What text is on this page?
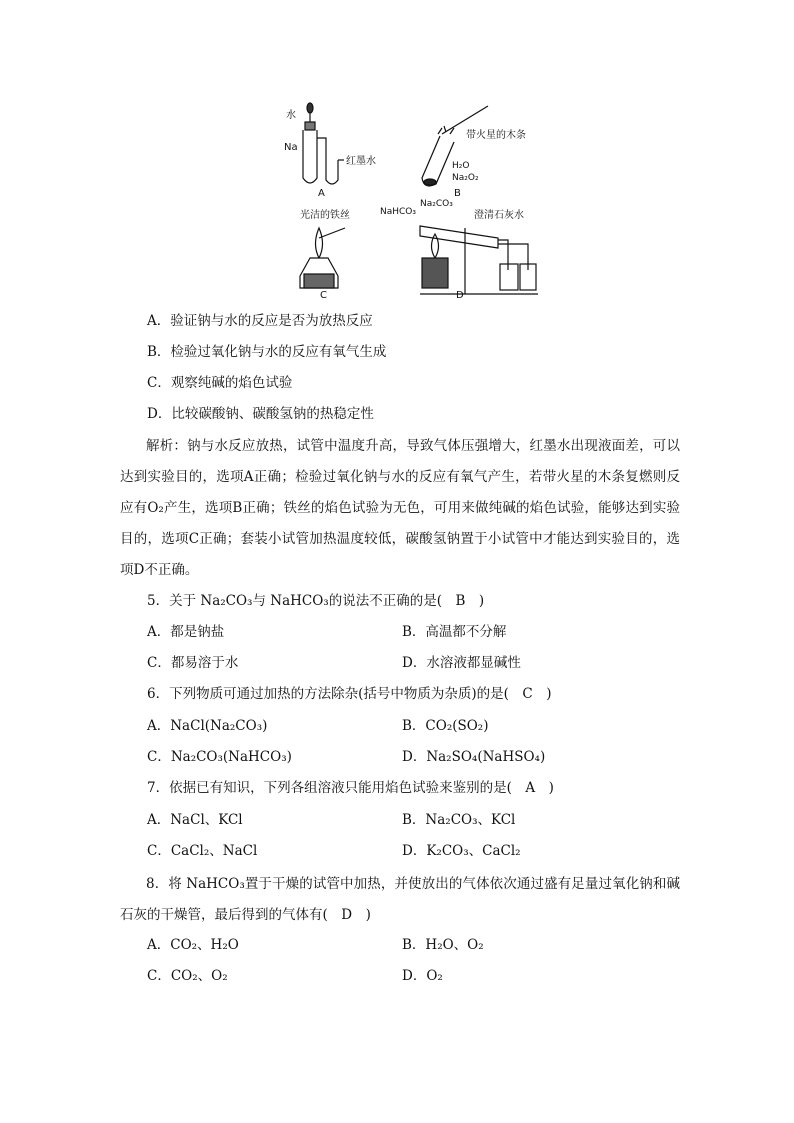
水
Na
红墨水
A
带火星的木条
H₂O
Na₂O₂
B
光洁的铁丝
C
NaHCO₃
Na₂CO₃
澄清石灰水
D
A．验证钠与水的反应是否为放热反应
B．检验过氧化钠与水的反应有氧气生成
C．观察纯碱的焰色试验
D．比较碳酸钠、碳酸氢钠的热稳定性
解析：钠与水反应放热，试管中温度升高，导致气体压强增大，红墨水出现液面差，可以达到实验目的，选项A正确；检验过氧化钠与水的反应有氧气产生，若带火星的木条复燃则反应有O₂产生，选项B正确；铁丝的焰色试验为无色，可用来做纯碱的焰色试验，能够达到实验目的，选项C正确；套装小试管加热温度较低，碳酸氢钠置于小试管中才能达到实验目的，选项D不正确。
5．关于 Na₂CO₃与 NaHCO₃的说法不正确的是(　B　)
A．都是钠盐	B．高温都不分解
C．都易溶于水	D．水溶液都显碱性
6．下列物质可通过加热的方法除杂(括号中物质为杂质)的是(　C　)
A．NaCl(Na₂CO₃)	B．CO₂(SO₂)
C．Na₂CO₃(NaHCO₃)	D．Na₂SO₄(NaHSO₄)
7．依据已有知识，下列各组溶液只能用焰色试验来鉴别的是(　A　)
A．NaCl、KCl	B．Na₂CO₃、KCl
C．CaCl₂、NaCl	D．K₂CO₃、CaCl₂
8．将 NaHCO₃置于干燥的试管中加热，并使放出的气体依次通过盛有足量过氧化钠和碱石灰的干燥管，最后得到的气体有(　D　)
A．CO₂、H₂O	B．H₂O、O₂
C．CO₂、O₂	D．O₂
